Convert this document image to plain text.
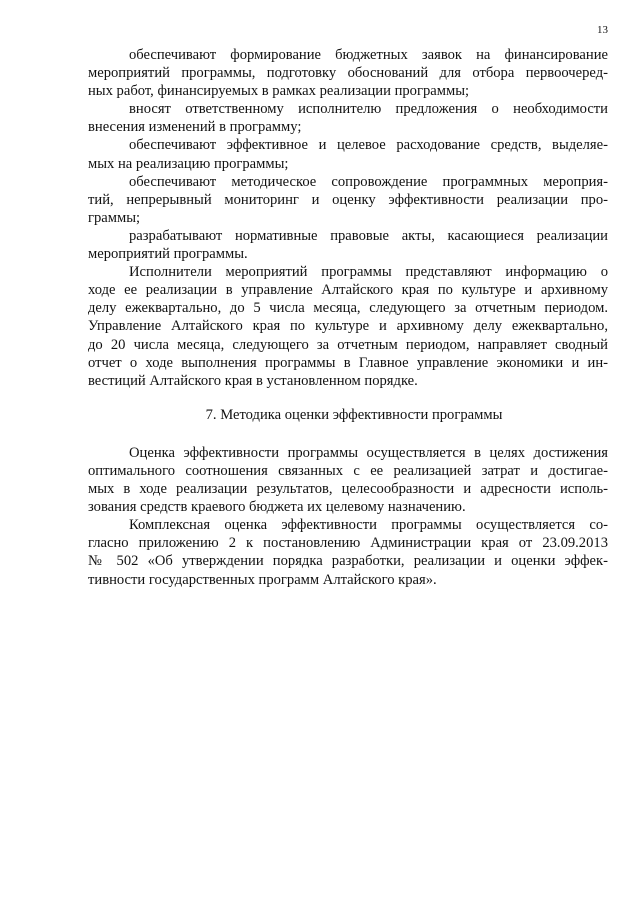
13
обеспечивают формирование бюджетных заявок на финансирование
мероприятий программы, подготовку обоснований для отбора первоочеред-
ных работ, финансируемых в рамках реализации программы;
вносят ответственному исполнителю предложения о необходимости
внесения изменений в программу;
обеспечивают эффективное и целевое расходование средств, выделяе-
мых на реализацию программы;
обеспечивают методическое сопровождение программных мероприя-
тий, непрерывный мониторинг и оценку эффективности реализации про-
граммы;
разрабатывают нормативные правовые акты, касающиеся реализации
мероприятий программы.
Исполнители мероприятий программы представляют информацию о
ходе ее реализации в управление Алтайского края по культуре и архивному
делу ежеквартально, до 5 числа месяца, следующего за отчетным периодом.
Управление Алтайского края по культуре и архивному делу ежеквартально,
до 20 числа месяца, следующего за отчетным периодом, направляет сводный
отчет о ходе выполнения программы в Главное управление экономики и ин-
вестиций Алтайского края в установленном порядке.
7. Методика оценки эффективности программы
Оценка эффективности программы осуществляется в целях достижения
оптимального соотношения связанных с ее реализацией затрат и достигае-
мых в ходе реализации результатов, целесообразности и адресности исполь-
зования средств краевого бюджета их целевому назначению.
Комплексная оценка эффективности программы осуществляется со-
гласно приложению 2 к постановлению Администрации края от 23.09.2013
№ 502 «Об утверждении порядка разработки, реализации и оценки эффек-
тивности государственных программ Алтайского края».
